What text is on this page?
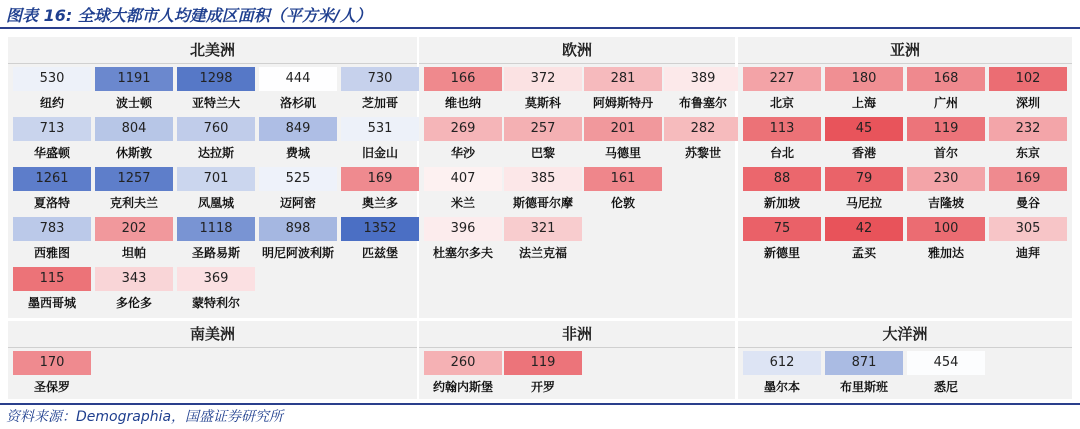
图表 16: 全球大都市人均建成区面积（平方米/人）
北美洲
530
纽约
1191
波士顿
1298
亚特兰大
444
洛杉矶
730
芝加哥
713
华盛顿
804
休斯敦
760
达拉斯
849
费城
531
旧金山
1261
夏洛特
1257
克利夫兰
701
凤凰城
525
迈阿密
169
奥兰多
783
西雅图
202
坦帕
1118
圣路易斯
898
明尼阿波利斯
1352
匹兹堡
115
墨西哥城
343
多伦多
369
蒙特利尔
欧洲
166
维也纳
372
莫斯科
281
阿姆斯特丹
389
布鲁塞尔
269
华沙
257
巴黎
201
马德里
282
苏黎世
407
米兰
385
斯德哥尔摩
161
伦敦
396
杜塞尔多夫
321
法兰克福
亚洲
227
北京
180
上海
168
广州
102
深圳
113
台北
45
香港
119
首尔
232
东京
88
新加坡
79
马尼拉
230
吉隆坡
169
曼谷
75
新德里
42
孟买
100
雅加达
305
迪拜
南美洲
170
圣保罗
非洲
260
约翰内斯堡
119
开罗
大洋洲
612
墨尔本
871
布里斯班
454
悉尼
资料来源：Demographia，国盛证券研究所
